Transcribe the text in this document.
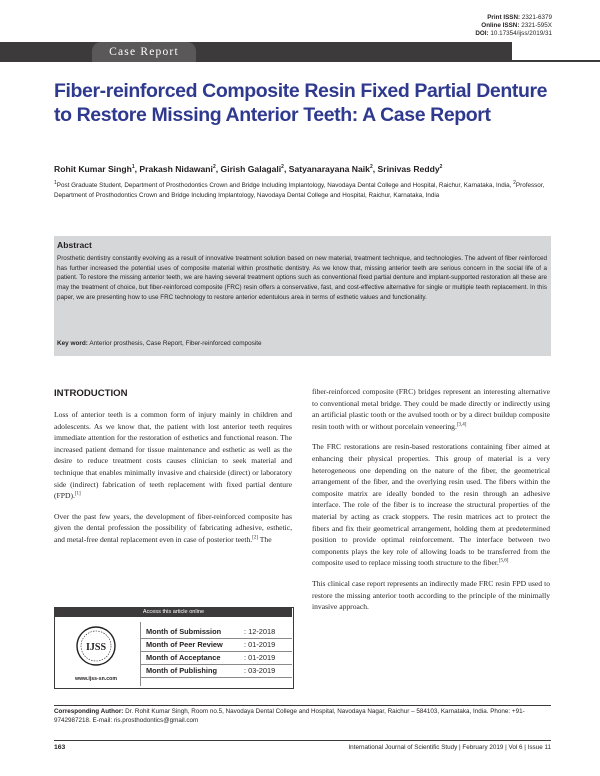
Print ISSN: 2321-6379
Online ISSN: 2321-595X
DOI: 10.17354/ijss/2019/31
Case Report
Fiber-reinforced Composite Resin Fixed Partial Denture to Restore Missing Anterior Teeth: A Case Report
Rohit Kumar Singh$^1$, Prakash Nidawani$^2$, Girish Galagali$^2$, Satyanarayana Naik$^2$, Srinivas Reddy$^2$
$^1$Post Graduate Student, Department of Prosthodontics Crown and Bridge Including Implantology, Navodaya Dental College and Hospital, Raichur, Karnataka, India, $^2$Professor, Department of Prosthodontics Crown and Bridge Including Implantology, Navodaya Dental College and Hospital, Raichur, Karnataka, India
Abstract
Prosthetic dentistry constantly evolving as a result of innovative treatment solution based on new material, treatment technique, and technologies. The advent of fiber reinforced has further increased the potential uses of composite material within prosthetic dentistry. As we know that, missing anterior teeth are serious concern in the social life of a patient. To restore the missing anterior teeth, we are having several treatment options such as conventional fixed partial denture and implant-supported restoration all these are may the treatment of choice, but fiber-reinforced composite (FRC) resin offers a conservative, fast, and cost-effective alternative for single or multiple teeth replacement. In this paper, we are presenting how to use FRC technology to restore anterior edentulous area in terms of esthetic values and functionality.
Key word: Anterior prosthesis, Case Report, Fiber-reinforced composite
INTRODUCTION

Loss of anterior teeth is a common form of injury mainly in children and adolescents. As we know that, the patient with lost anterior teeth requires immediate attention for the restoration of esthetics and functional reason. The increased patient demand for tissue maintenance and esthetic as well as the desire to reduce treatment costs causes clinician to seek material and technique that enables minimally invasive and chairside (direct) or laboratory side (indirect) fabrication of teeth replacement with fixed partial denture (FPD).[1]

Over the past few years, the development of fiber-reinforced composite has given the dental profession the possibility of fabricating adhesive, esthetic, and metal-free dental replacement even in case of posterior teeth.[2] The

fiber-reinforced composite (FRC) bridges represent an interesting alternative to conventional metal bridge. They could be made directly or indirectly using an artificial plastic tooth or the avulsed tooth or by a direct buildup composite resin tooth with or without porcelain veneering.[3,4]

The FRC restorations are resin-based restorations containing fiber aimed at enhancing their physical properties. This group of material is a very heterogeneous one depending on the nature of the fiber, the geometrical arrangement of the fiber, and the overlying resin used. The fibers within the composite matrix are ideally bonded to the resin through an adhesive interface. The role of the fiber is to increase the structural properties of the material by acting as crack stoppers. The resin matrices act to protect the fibers and fix their geometrical arrangement, holding them at predetermined position to provide optimal reinforcement. The interface between two components plays the key role of allowing loads to be transferred from the composite used to replace missing tooth structure to the fiber.[5,6]

This clinical case report represents an indirectly made FRC resin FPD used to restore the missing anterior tooth according to the principle of the minimally invasive approach.

Access this article online
IJSS
www.ijss-sn.com
Month of Submission	: 12-2018
Month of Peer Review	: 01-2019
Month of Acceptance	: 01-2019
Month of Publishing	: 03-2019
Corresponding Author: Dr. Rohit Kumar Singh, Room no.5, Navodaya Dental College and Hospital, Navodaya Nagar, Raichur – 584103, Karnataka, India. Phone: +91-9742987218. E-mail: ris.prosthodontics@gmail.com
163	International Journal of Scientific Study | February 2019 | Vol 6 | Issue 11
